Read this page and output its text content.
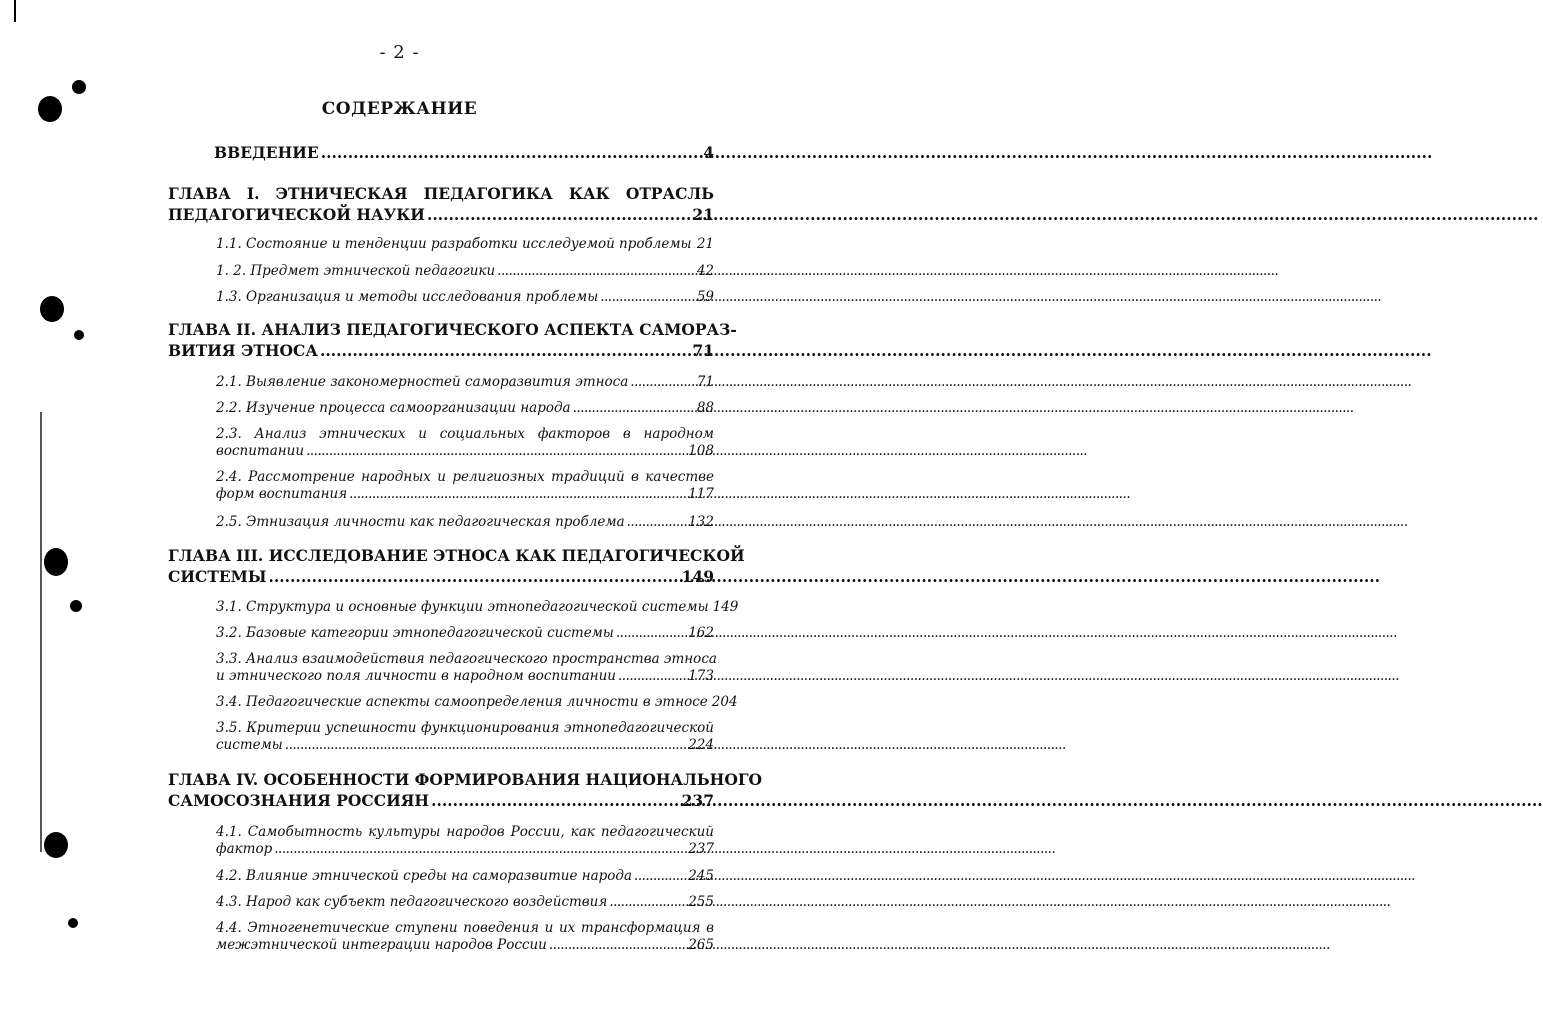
- 2 -
СОДЕРЖАНИЕ
ВВЕДЕНИЕ .....	4
ГЛАВА I. ЭТНИЧЕСКАЯ ПЕДАГОГИКА КАК ОТРАСЛЬ
ПЕДАГОГИЧЕСКОЙ НАУКИ .....	21
1.1. Состояние и тенденции разработки исследуемой проблемы ..... 21
1. 2. Предмет этнической педагогики .....	42
1.3. Организация и методы исследования проблемы .....	59
ГЛАВА II. АНАЛИЗ ПЕДАГОГИЧЕСКОГО АСПЕКТА САМОРАЗ-
ВИТИЯ ЭТНОСА .....	71
2.1. Выявление закономерностей саморазвития этноса .....	71
2.2. Изучение процесса самоорганизации народа .....	88
2.3. Анализ этнических и социальных факторов в народном
воспитании .....	108
2.4. Рассмотрение народных и религиозных традиций в качестве
форм воспитания .....	117
2.5. Этнизация личности как педагогическая проблема .....	132
ГЛАВА III. ИССЛЕДОВАНИЕ ЭТНОСА КАК ПЕДАГОГИЧЕСКОЙ
СИСТЕМЫ .....	149
3.1. Структура и основные функции этнопедагогической системы 149
3.2. Базовые категории этнопедагогической системы .....	162
3.3. Анализ взаимодействия педагогического пространства этноса
и этнического поля личности в народном воспитании .....	173
3.4. Педагогические аспекты самоопределения личности в этносе 204
3.5. Критерии успешности функционирования этнопедагогической
системы .....	224
ГЛАВА IV. ОСОБЕННОСТИ ФОРМИРОВАНИЯ НАЦИОНАЛЬНОГО
САМОСОЗНАНИЯ РОССИЯН .....	237
4.1. Самобытность культуры народов России, как педагогический
фактор .....	237
4.2. Влияние этнической среды на саморазвитие народа .....	245
4.3. Народ как субъект педагогического воздействия .....	255
4.4. Этногенетические ступени поведения и их трансформация в
межэтнической интеграции народов России .....	265
